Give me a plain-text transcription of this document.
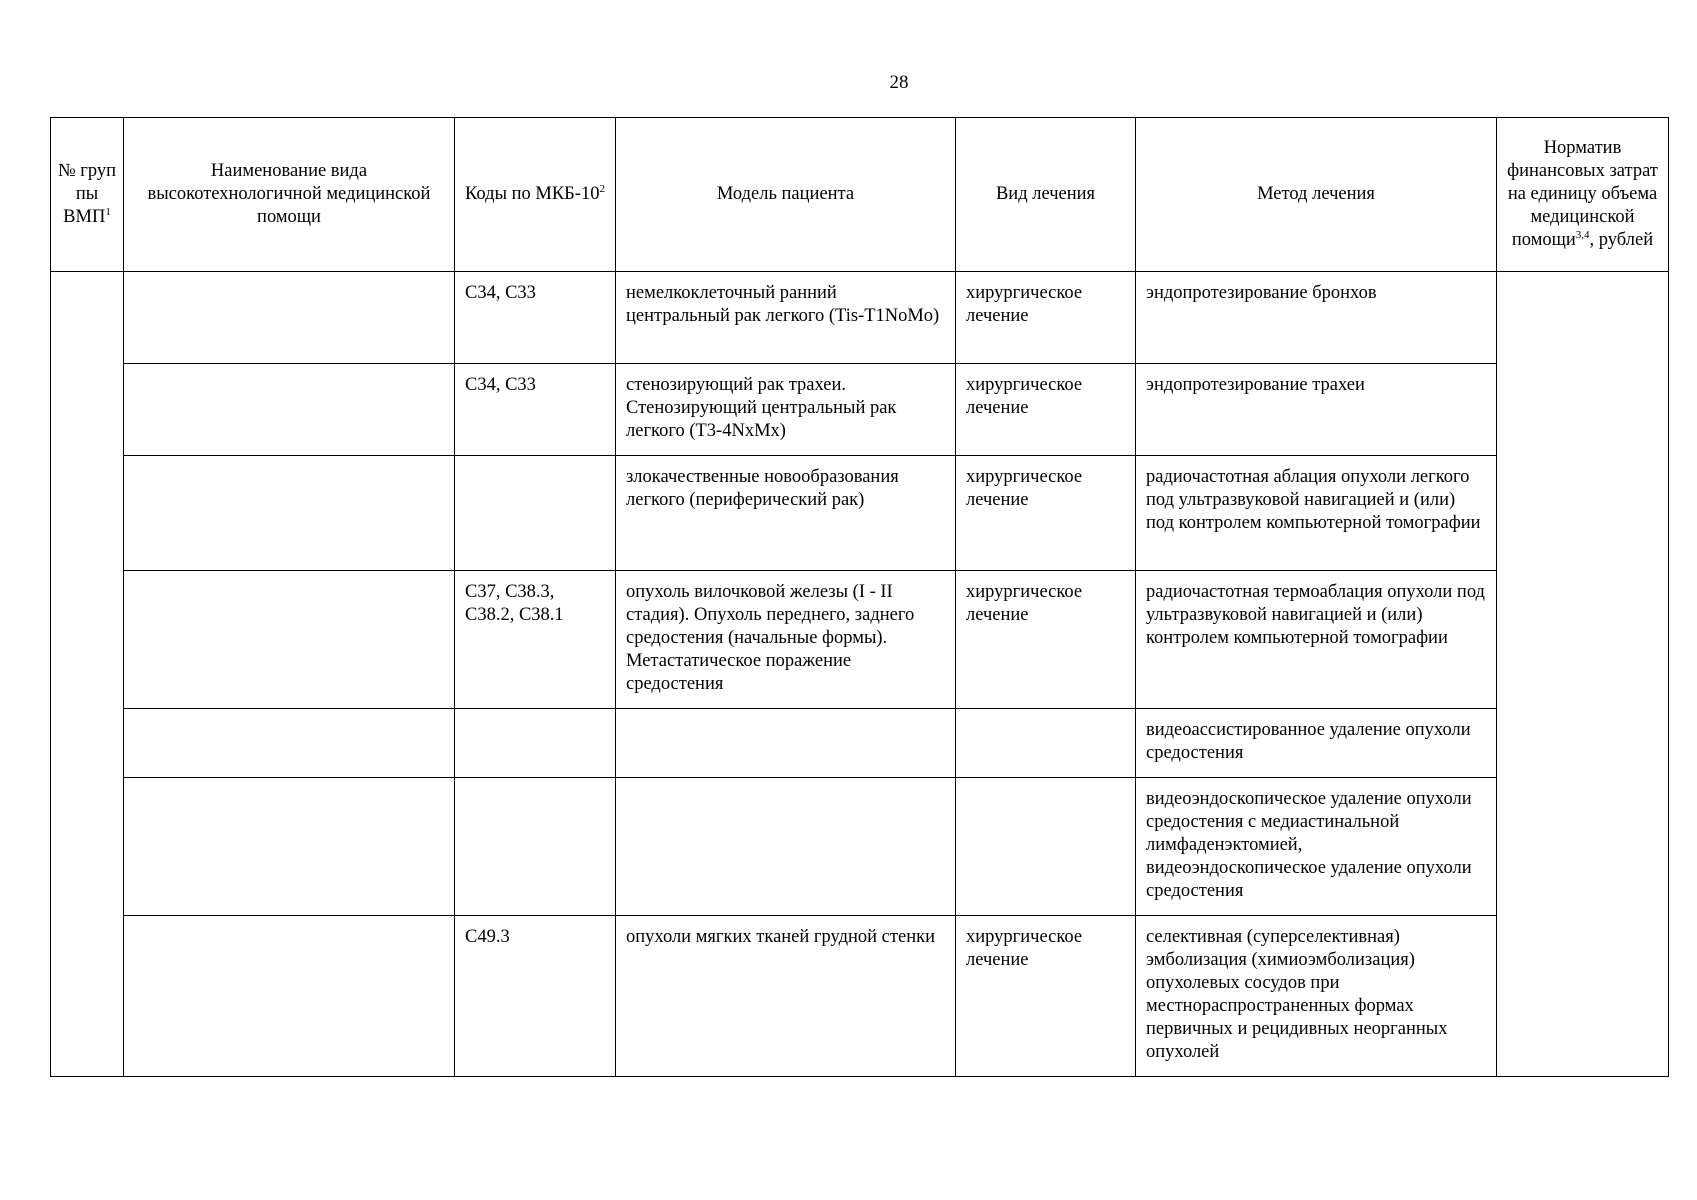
28
№ груп пы ВМП$^1$	Наименование вида высокотехнологичной медицинской помощи	Коды по МКБ-$10^2$	Модель пациента	Вид лечения	Метод лечения	Норматив финансовых затрат на единицу объема медицинской помощи$^{3,4}$, рублей
		C34, C33	немелкоклеточный ранний центральный рак легкого (Tis-T1NoMo)	хирургическое лечение	эндопротезирование бронхов	
		C34, C33	стенозирующий рак трахеи. Стенозирующий центральный рак легкого (T3-4NxMx)	хирургическое лечение	эндопротезирование трахеи	
			злокачественные новообразования легкого (периферический рак)	хирургическое лечение	радиочастотная аблация опухоли легкого под ультразвуковой навигацией и (или) под контролем компьютерной томографии	
		C37, C38.3, C38.2, C38.1	опухоль вилочковой железы (I - II стадия). Опухоль переднего, заднего средостения (начальные формы). Метастатическое поражение средостения	хирургическое лечение	радиочастотная термоаблация опухоли под ультразвуковой навигацией и (или) контролем компьютерной томографии	
					видеоассистированное удаление опухоли средостения	
					видеоэндоскопическое удаление опухоли средостения с медиастинальной лимфаденэктомией, видеоэндоскопическое удаление опухоли средостения	
		C49.3	опухоли мягких тканей грудной стенки	хирургическое лечение	селективная (суперселективная) эмболизация (химиоэмболизация) опухолевых сосудов при местнораспространенных формах первичных и рецидивных неорганных опухолей	
